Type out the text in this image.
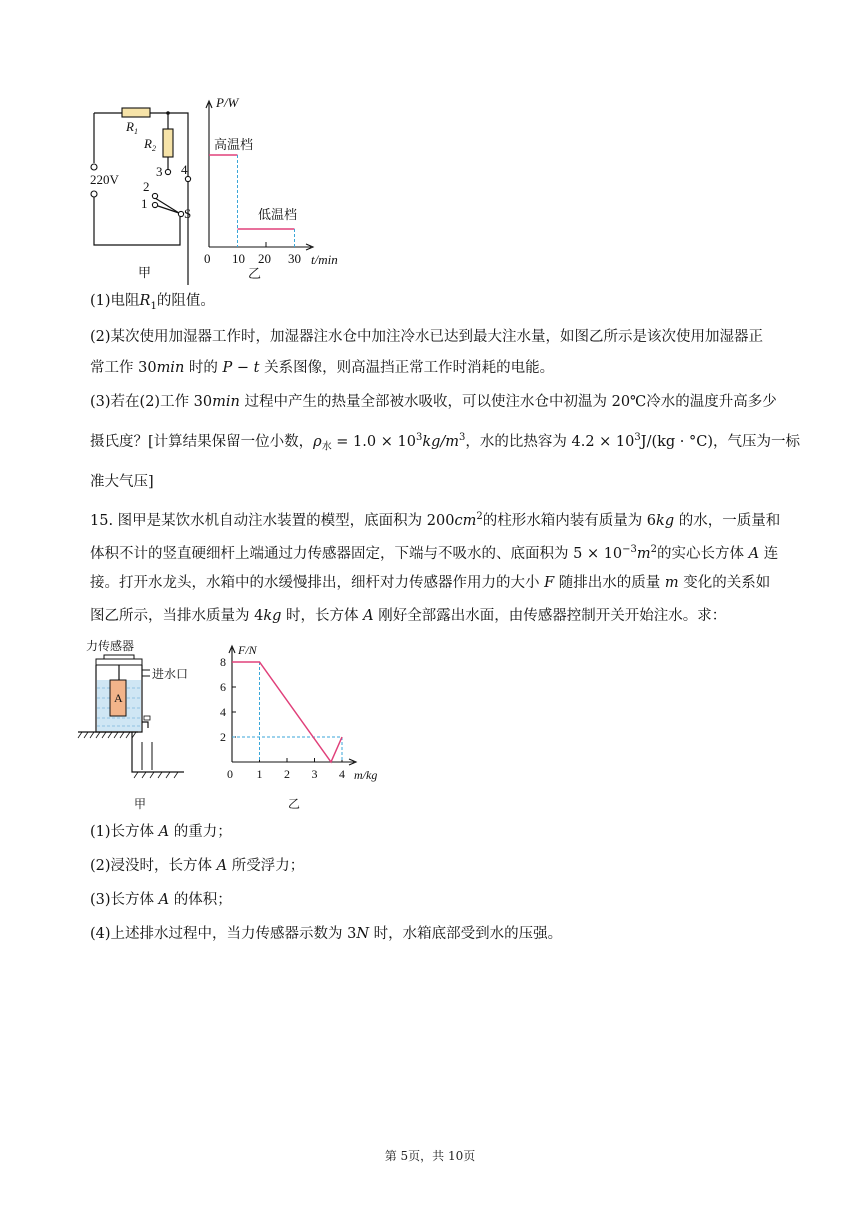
$R_1$
$R_2$
220V
3 4
2
1
S
甲
P/W
高温档
低温档
0 10 20 30 t/min
乙
(1)电阻$R_1$的阻值。
(2)某次使用加湿器工作时，加湿器注水仓中加注冷水已达到最大注水量，如图乙所示是该次使用加湿器正
常工作 30min 时的 P − t 关系图像，则高温挡正常工作时消耗的电能。
(3)若在(2)工作 30min 过程中产生的热量全部被水吸收，可以使注水仓中初温为 20℃冷水的温度升高多少
摄氏度？[计算结果保留一位小数，$\rho_水 = 1.0 \times 10^3kg/m^3$，水的比热容为 $4.2 \times 10^3J/(kg \cdot ^\circ C)$，气压为一标
准大气压]
15. 图甲是某饮水机自动注水装置的模型，底面积为 $200cm^2$的柱形水箱内装有质量为 6kg 的水，一质量和
体积不计的竖直硬细杆上端通过力传感器固定，下端与不吸水的、底面积为 $5 \times 10^{-3}m^2$的实心长方体 A 连
接。打开水龙头，水箱中的水缓慢排出，细杆对力传感器作用力的大小 F 随排出水的质量 m 变化的关系如
图乙所示，当排水质量为 4kg 时，长方体 A 刚好全部露出水面，由传感器控制开关开始注水。求：
力传感器
A
进水口
甲
2
4
6
8
1 2 3 4
F/N
0	m/kg
乙
(1)长方体 A 的重力；
(2)浸没时，长方体 A 所受浮力；
(3)长方体 A 的体积；
(4)上述排水过程中，当力传感器示数为 3N 时，水箱底部受到水的压强。
第 5页，共 10页
